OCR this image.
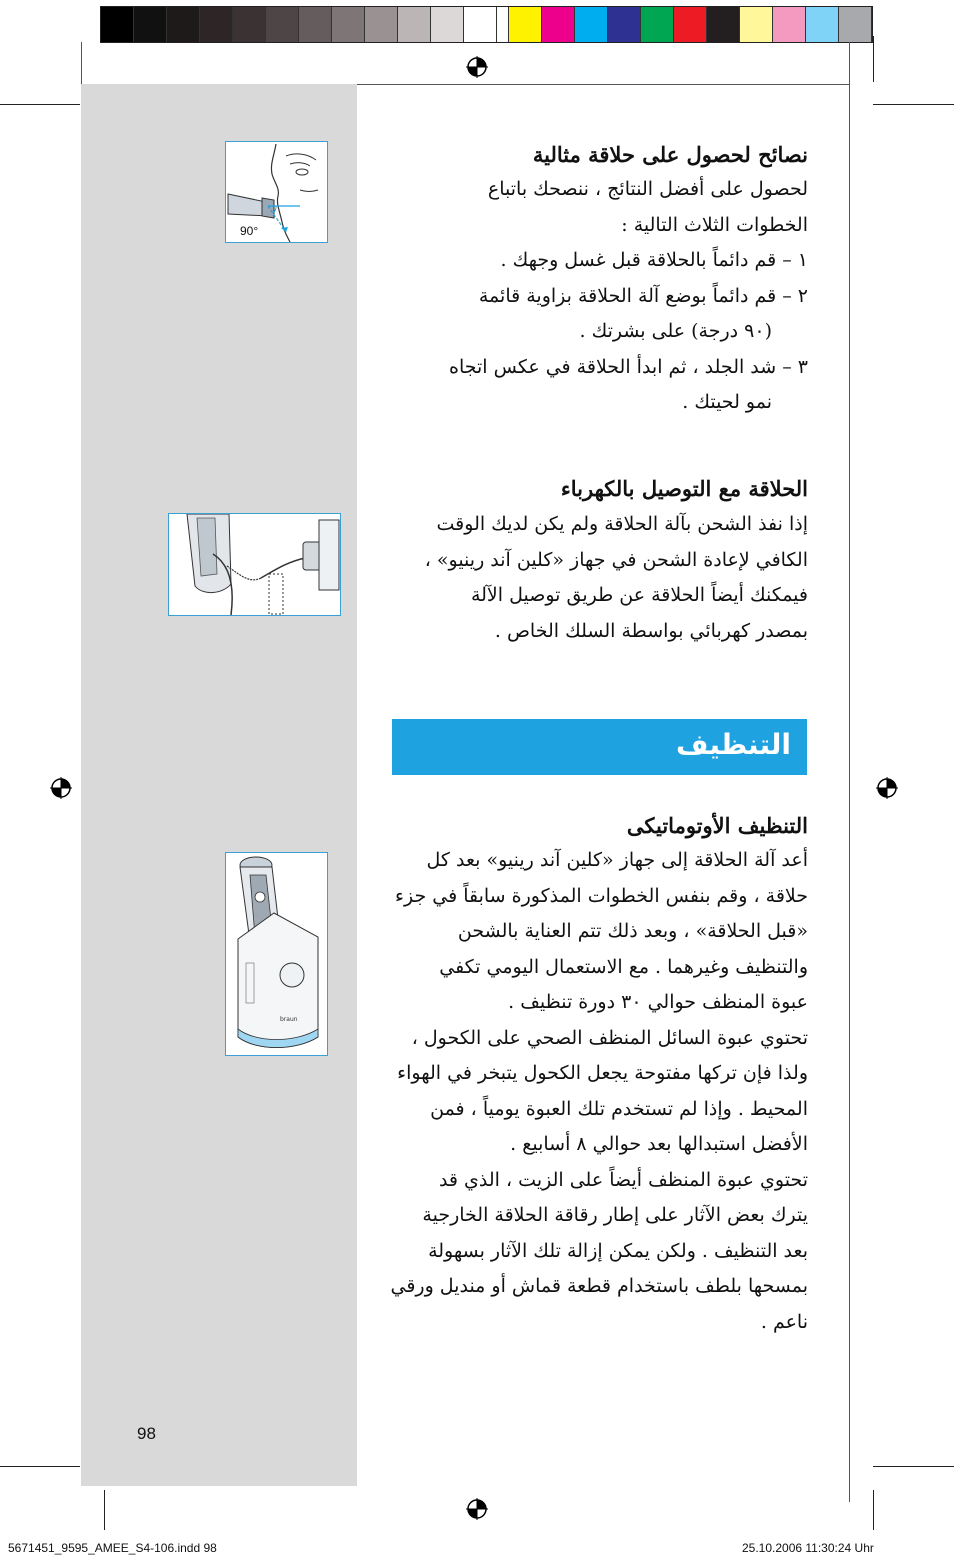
90°
braun
نصائح لحصول على حلاقة مثالية
لحصول على أفضل النتائج ، ننصحك باتباع
الخطوات الثلاث التالية :
١ – قم دائماً بالحلاقة قبل غسل وجهك .
٢ – قم دائماً بوضع آلة الحلاقة بزاوية قائمة
(٩٠ درجة) على بشرتك .
٣ – شد الجلد ، ثم ابدأ الحلاقة في عكس اتجاه
نمو لحيتك .
الحلاقة مع التوصيل بالكهرباء
إذا نفذ الشحن بآلة الحلاقة ولم يكن لديك الوقت
الكافي لإعادة الشحن في جهاز «كلين آند رينيو» ،
فيمكنك أيضاً الحلاقة عن طريق توصيل الآلة
بمصدر كهربائي بواسطة السلك الخاص .
التنظيف
التنظيف الأوتوماتيكى
أعد آلة الحلاقة إلى جهاز «كلين آند رينيو» بعد كل
حلاقة ، وقم بنفس الخطوات المذكورة سابقاً في جزء
«قبل الحلاقة» ، وبعد ذلك تتم العناية بالشحن
والتنظيف وغيرهما . مع الاستعمال اليومي تكفي
عبوة المنظف حوالي ٣٠ دورة تنظيف .
تحتوي عبوة السائل المنظف الصحي على الكحول ،
ولذا فإن تركها مفتوحة يجعل الكحول يتبخر في الهواء
المحيط . وإذا لم تستخدم تلك العبوة يومياً ، فمن
الأفضل استبدالها بعد حوالي ٨ أسابيع .
تحتوي عبوة المنظف أيضاً على الزيت ، الذي قد
يترك بعض الآثار على إطار رقاقة الحلاقة الخارجية
بعد التنظيف . ولكن يمكن إزالة تلك الآثار بسهولة
بمسحها بلطف باستخدام قطعة قماش أو منديل ورقي
ناعم .
98
5671451_9595_AMEE_S4-106.indd 98	25.10.2006 11:30:24 Uhr
